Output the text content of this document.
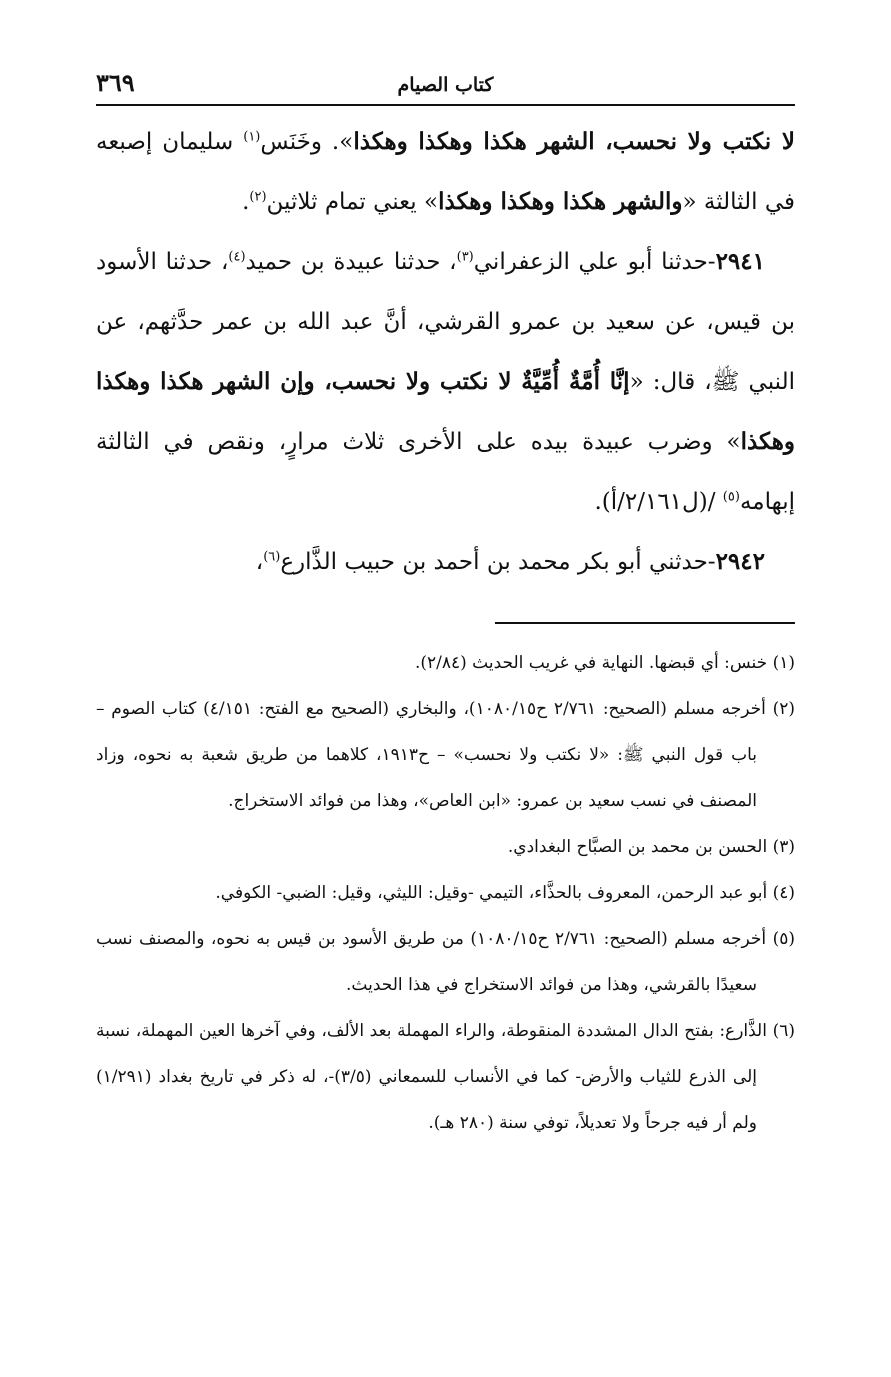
كتاب الصيام
٣٦٩

لا نكتب ولا نحسب، الشهر هكذا وهكذا وهكذا». وخَنَس$^{(١)}$ سليمان إصبعه في الثالثة «والشهر هكذا وهكذا وهكذا» يعني تمام ثلاثين$^{(٢)}$.

٢٩٤١-حدثنا أبو علي الزعفراني$^{(٣)}$، حدثنا عبيدة بن حميد$^{(٤)}$، حدثنا الأسود بن قيس، عن سعيد بن عمرو القرشي، أنَّ عبد الله بن عمر حدَّثهم، عن النبي ﷺ، قال: «إنَّا أُمَّةٌ أُمِّيَّةٌ لا نكتب ولا نحسب، وإن الشهر هكذا وهكذا وهكذا» وضرب عبيدة بيده على الأخرى ثلاث مرارٍ، ونقص في الثالثة إبهامه$^{(٥)}$ /(ل٢/١٦١/أ).

٢٩٤٢-حدثني أبو بكر محمد بن أحمد بن حبيب الذَّارع$^{(٦)}$،

(١) خنس: أي قبضها. النهاية في غريب الحديث (٢/٨٤).

(٢) أخرجه مسلم (الصحيح: ٢/٧٦١ ح١٠٨٠/١٥)، والبخاري (الصحيح مع الفتح: ٤/١٥١) كتاب الصوم – باب قول النبي ﷺ: «لا نكتب ولا نحسب» – ح١٩١٣، كلاهما من طريق شعبة به نحوه، وزاد المصنف في نسب سعيد بن عمرو: «ابن العاص»، وهذا من فوائد الاستخراج.

(٣) الحسن بن محمد بن الصبَّاح البغدادي.

(٤) أبو عبد الرحمن، المعروف بالحذَّاء، التيمي -وقيل: الليثي، وقيل: الضبي- الكوفي.

(٥) أخرجه مسلم (الصحيح: ٢/٧٦١ ح١٠٨٠/١٥) من طريق الأسود بن قيس به نحوه، والمصنف نسب سعيدًا بالقرشي، وهذا من فوائد الاستخراج في هذا الحديث.

(٦) الذَّارع: بفتح الدال المشددة المنقوطة، والراء المهملة بعد الألف، وفي آخرها العين المهملة، نسبة إلى الذرع للثياب والأرض- كما في الأنساب للسمعاني (٣/٥)-، له ذكر في تاريخ بغداد (١/٢٩١) ولم أر فيه جرحاً ولا تعديلاً، توفي سنة (٢٨٠ هـ).
